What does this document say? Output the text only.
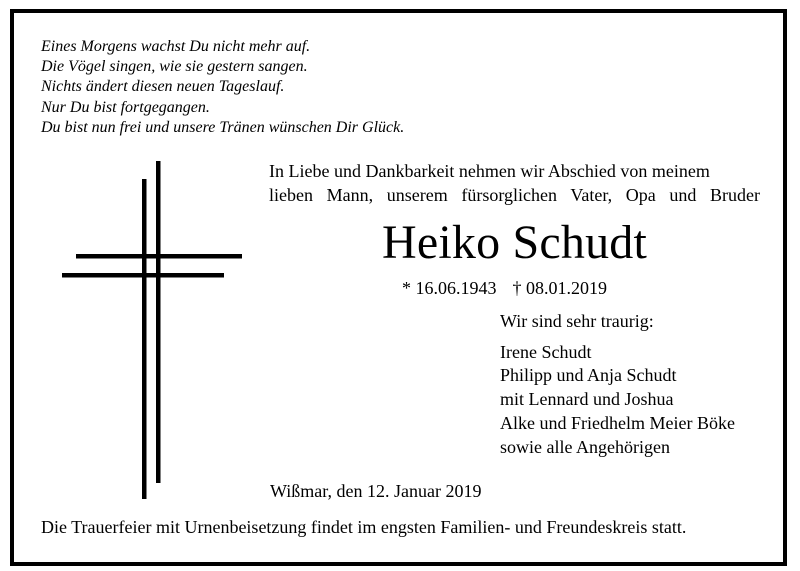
Eines Morgens wachst Du nicht mehr auf.
Die Vögel singen, wie sie gestern sangen.
Nichts ändert diesen neuen Tageslauf.
Nur Du bist fortgegangen.
Du bist nun frei und unsere Tränen wünschen Dir Glück.
In Liebe und Dankbarkeit nehmen wir Abschied von meinem
lieben Mann, unserem fürsorglichen Vater, Opa und Bruder
Heiko Schudt
* 16.06.1943 † 08.01.2019
Wir sind sehr traurig:
Irene Schudt
Philipp und Anja Schudt
mit Lennard und Joshua
Alke und Friedhelm Meier Böke
sowie alle Angehörigen
Wißmar, den 12. Januar 2019
Die Trauerfeier mit Urnenbeisetzung findet im engsten Familien- und Freundeskreis statt.
